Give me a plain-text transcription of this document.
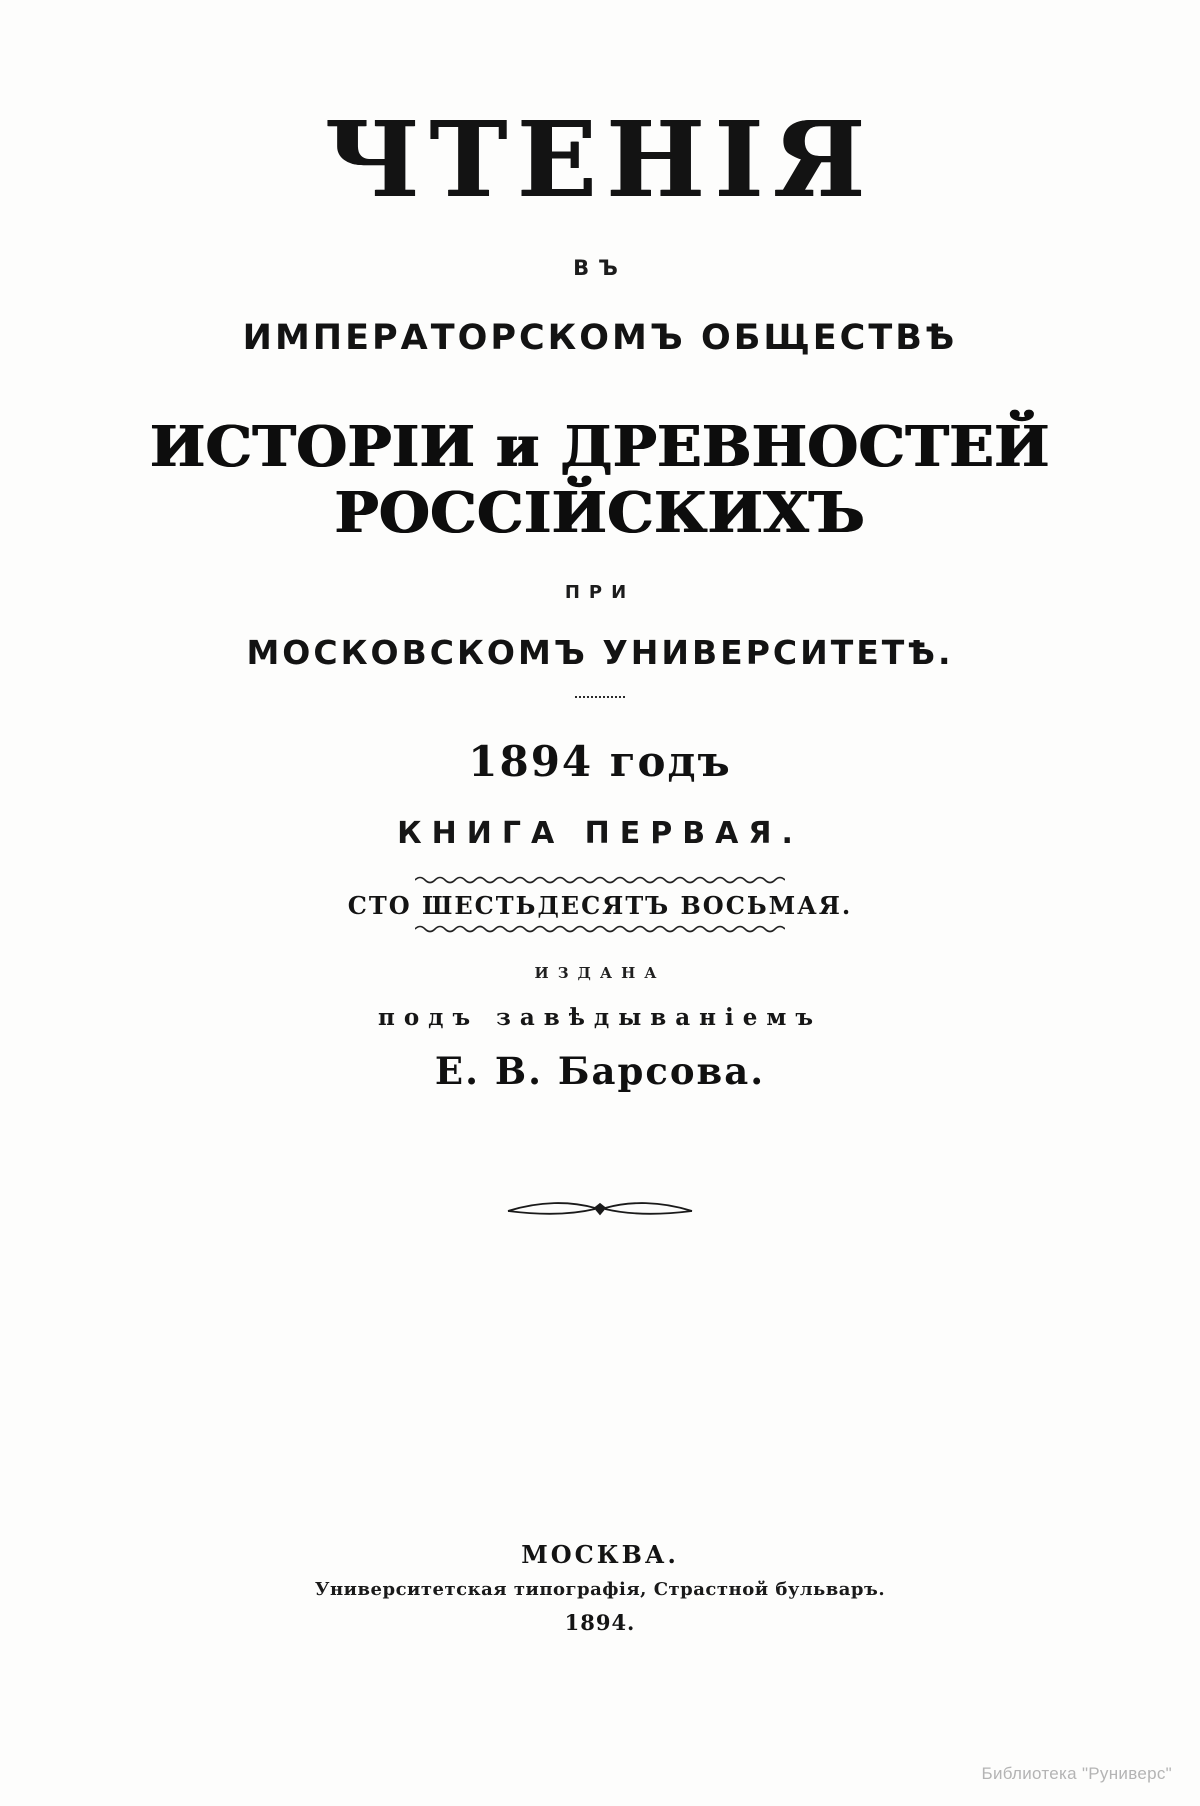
ЧТЕНІЯ
ВЪ
ИМПЕРАТОРСКОМЪ ОБЩЕСТВѢ
ИСТОРІИ и ДРЕВНОСТЕЙ РОССІЙСКИХЪ
ПРИ
МОСКОВСКОМЪ УНИВЕРСИТЕТѢ.
1894 годъ
КНИГА ПЕРВАЯ.
СТО ШЕСТЬДЕСЯТЪ ВОСЬМАЯ.
ИЗДАНА
подъ завѣдываніемъ
Е. В. Барсова.
МОСКВА.
Университетская типографія, Страстной бульваръ.
1894.
Библиотека "Руниверс"
